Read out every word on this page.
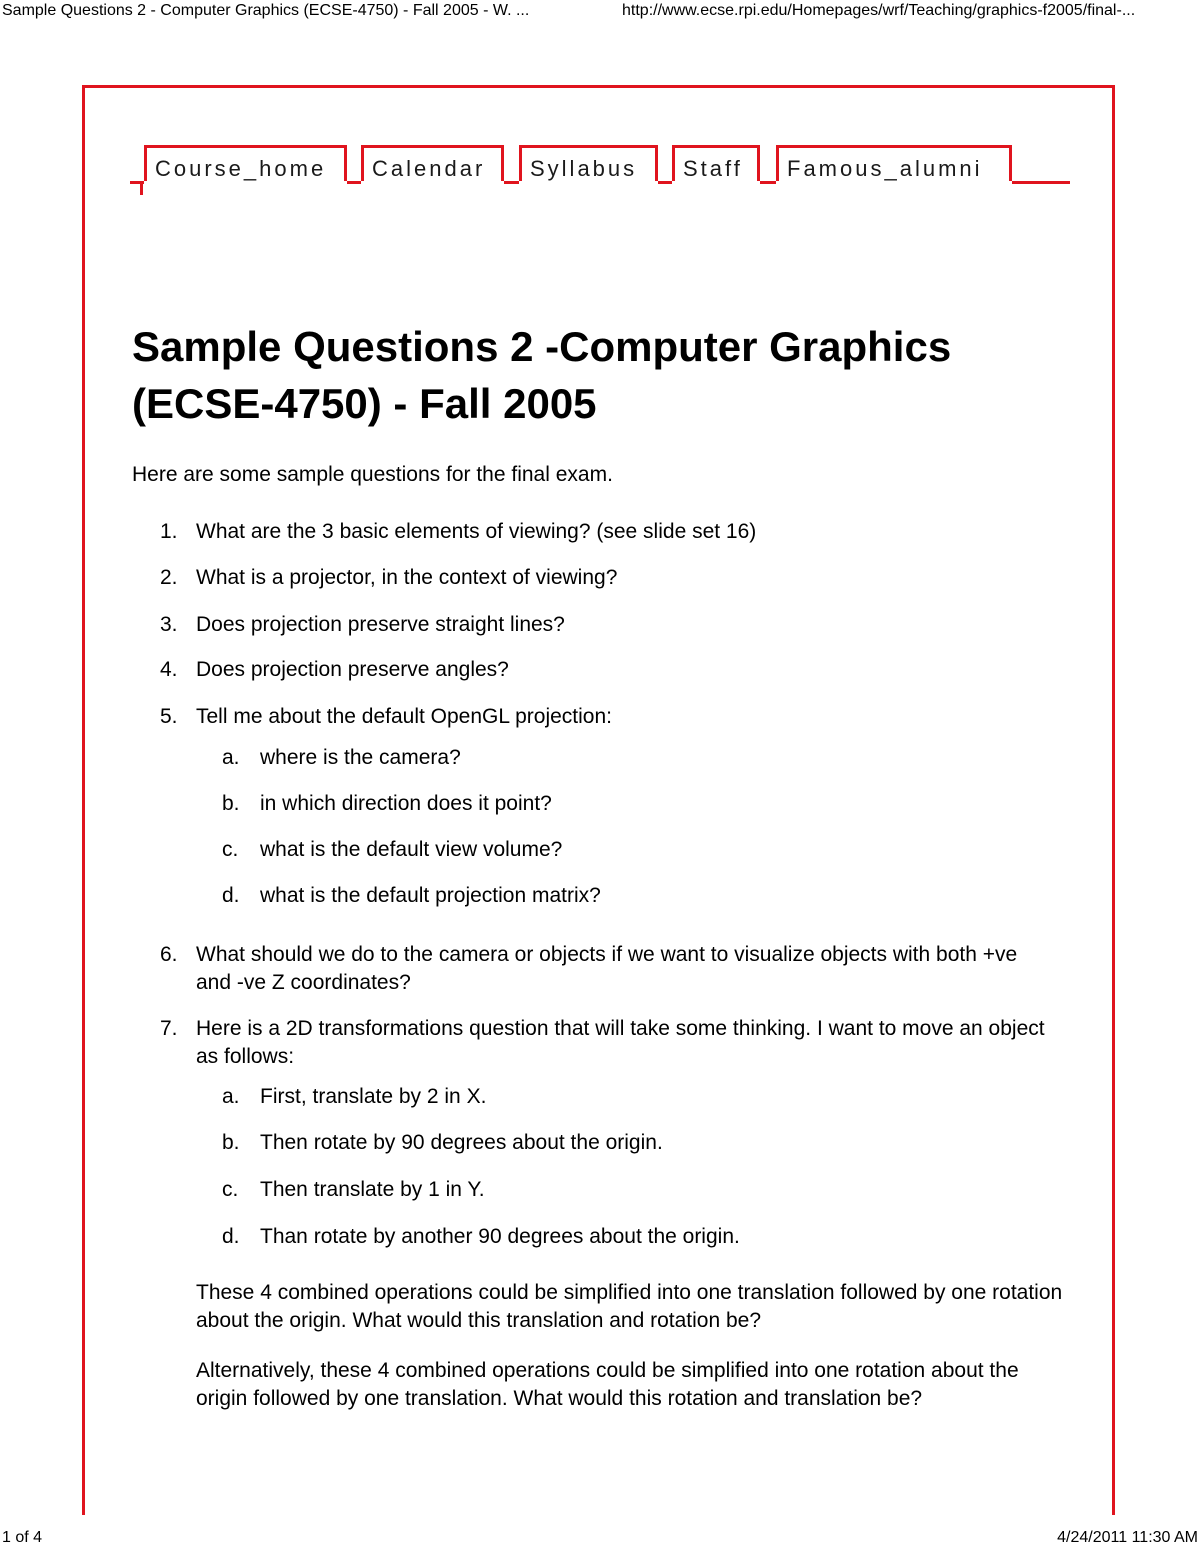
Sample Questions 2 - Computer Graphics (ECSE-4750) - Fall 2005 - W. ...	http://www.ecse.rpi.edu/Homepages/wrf/Teaching/graphics-f2005/final-...
Course_home	Calendar	Syllabus	Staff	Famous_alumni
Sample Questions 2 -Computer Graphics (ECSE-4750) - Fall 2005

Here are some sample questions for the final exam.

1. What are the 3 basic elements of viewing? (see slide set 16)
2. What is a projector, in the context of viewing?
3. Does projection preserve straight lines?
4. Does projection preserve angles?
5. Tell me about the default OpenGL projection:
a. where is the camera?
b. in which direction does it point?
c.	what is the default view volume?
d. what is the default projection matrix?
6. What should we do to the camera or objects if we want to visualize objects with both +ve and -ve Z coordinates?
7. Here is a 2D transformations question that will take some thinking. I want to move an object as follows:
a. First, translate by 2 in X.
b. Then rotate by 90 degrees about the origin.
c.	Then translate by 1 in Y.
d. Than rotate by another 90 degrees about the origin.

These 4 combined operations could be simplified into one translation followed by one rotation about the origin. What would this translation and rotation be?

Alternatively, these 4 combined operations could be simplified into one rotation about the origin followed by one translation. What would this rotation and translation be?

1 of 4	4/24/2011 11:30 AM
